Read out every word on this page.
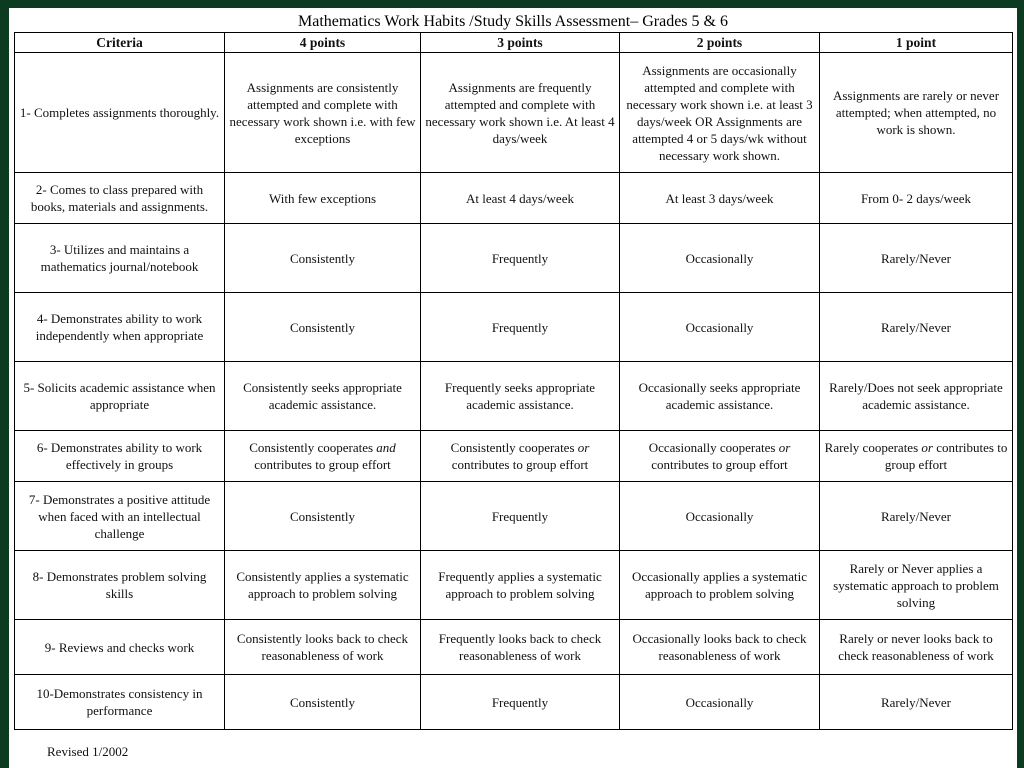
Mathematics Work Habits /Study Skills Assessment– Grades 5 & 6
Criteria	4 points	3 points	2 points	1 point
1- Completes assignments thoroughly.	Assignments are consistently attempted and complete with necessary work shown i.e. with few exceptions	Assignments are frequently attempted and complete with necessary work shown i.e. At least 4 days/week	Assignments are occasionally attempted and complete with necessary work shown i.e. at least 3 days/week OR Assignments are attempted 4 or 5 days/wk without necessary work shown.	Assignments are rarely or never attempted; when attempted, no work is shown.
2- Comes to class prepared with books, materials and assignments.	With few exceptions	At least 4 days/week	At least 3 days/week	From 0- 2 days/week
3- Utilizes and maintains a mathematics journal/notebook	Consistently	Frequently	Occasionally	Rarely/Never
4- Demonstrates ability to work independently when appropriate	Consistently	Frequently	Occasionally	Rarely/Never
5- Solicits academic assistance when appropriate	Consistently seeks appropriate academic assistance.	Frequently seeks appropriate academic assistance.	Occasionally seeks appropriate academic assistance.	Rarely/Does not seek appropriate academic assistance.
6- Demonstrates ability to work effectively in groups	Consistently cooperates and contributes to group effort	Consistently cooperates or contributes to group effort	Occasionally cooperates or contributes to group effort	Rarely cooperates or contributes to group effort
7- Demonstrates a positive attitude when faced with an intellectual challenge	Consistently	Frequently	Occasionally	Rarely/Never
8- Demonstrates problem solving skills	Consistently applies a systematic approach to problem solving	Frequently applies a systematic approach to problem solving	Occasionally applies a systematic approach to problem solving	Rarely or Never applies a systematic approach to problem solving
9- Reviews and checks work	Consistently looks back to check reasonableness of work	Frequently looks back to check reasonableness of work	Occasionally looks back to check reasonableness of work	Rarely or never looks back to check reasonableness of work
10-Demonstrates consistency in performance	Consistently	Frequently	Occasionally	Rarely/Never
Revised 1/2002
